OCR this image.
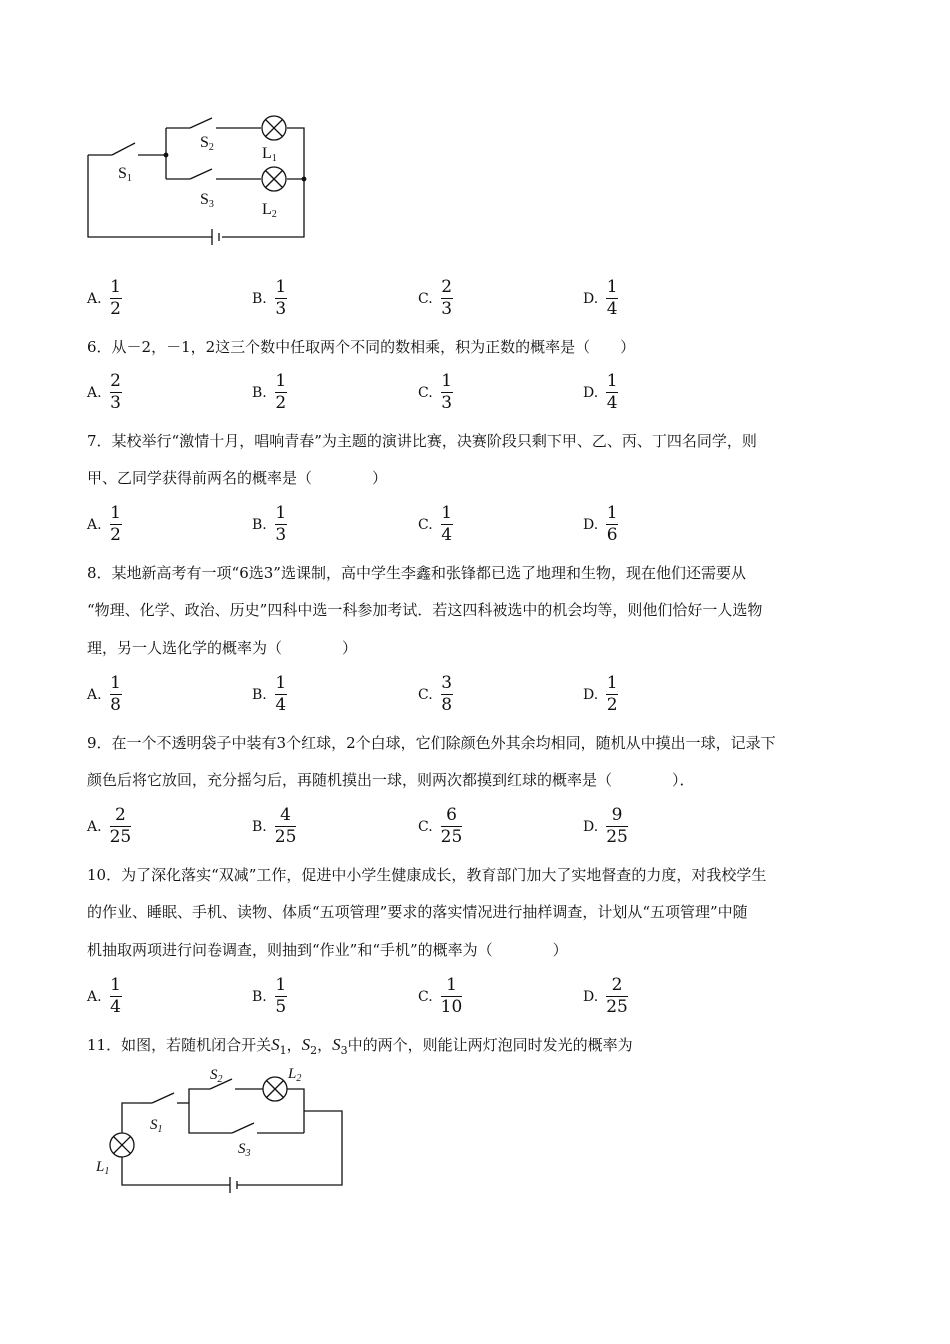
S1
S2	L1
S3	L2
A. $\frac{1}{2}$	B. $\frac{1}{3}$	C. $\frac{2}{3}$	D. $\frac{1}{4}$
6．从－2，－1，2这三个数中任取两个不同的数相乘，积为正数的概率是（　　）
A. $\frac{2}{3}$	B. $\frac{1}{2}$	C. $\frac{1}{3}$	D. $\frac{1}{4}$
7．某校举行“激情十月，唱响青春”为主题的演讲比赛，决赛阶段只剩下甲、乙、丙、丁四名同学，则
甲、乙同学获得前两名的概率是（　　　　）
A. $\frac{1}{2}$	B. $\frac{1}{3}$	C. $\frac{1}{4}$	D. $\frac{1}{6}$
8．某地新高考有一项“6选3”选课制，高中学生李鑫和张锋都已选了地理和生物，现在他们还需要从
“物理、化学、政治、历史”四科中选一科参加考试．若这四科被选中的机会均等，则他们恰好一人选物
理，另一人选化学的概率为（　　　　）
A. $\frac{1}{8}$	B. $\frac{1}{4}$	C. $\frac{3}{8}$	D. $\frac{1}{2}$
9．在一个不透明袋子中装有3个红球，2个白球，它们除颜色外其余均相同，随机从中摸出一球，记录下
颜色后将它放回，充分摇匀后，再随机摸出一球，则两次都摸到红球的概率是（　　　　）．
A. $\frac{2}{25}$	B. $\frac{4}{25}$	C. $\frac{6}{25}$	D. $\frac{9}{25}$
10．为了深化落实“双减”工作，促进中小学生健康成长，教育部门加大了实地督查的力度，对我校学生
的作业、睡眠、手机、读物、体质“五项管理”要求的落实情况进行抽样调查，计划从“五项管理”中随
机抽取两项进行问卷调查，则抽到“作业”和“手机”的概率为（　　　　）
A. $\frac{1}{4}$	B. $\frac{1}{5}$	C. $\frac{1}{10}$	D. $\frac{2}{25}$
11．如图，若随机闭合开关$S_1$，$S_2$，$S_3$中的两个，则能让两灯泡同时发光的概率为
$S_2$	$L_2$
$S_1$
$S_3$
$L_1$
